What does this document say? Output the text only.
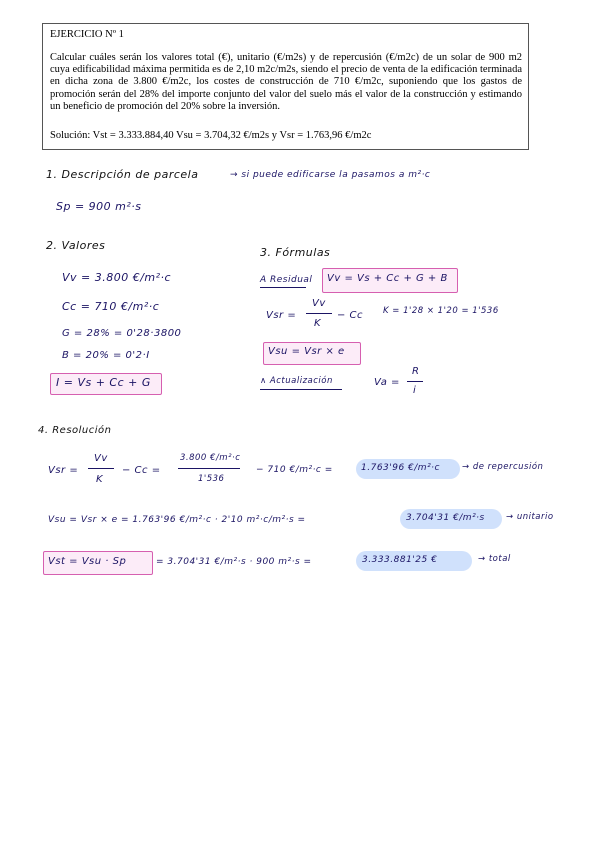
EJERCICIO Nº 1
Calcular cuáles serán los valores total (€), unitario (€/m2s) y de repercusión (€/m2c) de un solar de 900 m2 cuya edificabilidad máxima permitida es de 2,10 m2c/m2s, siendo el precio de venta de la edificación terminada en dicha zona de 3.800 €/m2c, los costes de construcción de 710 €/m2c, suponiendo que los gastos de promoción serán del 28% del importe conjunto del valor del suelo más el valor de la construcción y estimando un beneficio de promoción del 20% sobre la inversión.
Solución: Vst = 3.333.884,40 Vsu = 3.704,32 €/m2s y Vsr = 1.763,96 €/m2c
1. Descripción de parcela	→ si puede edificarse la pasamos a m²·c
Sp = 900 m²·s
2. Valores
Vv = 3.800 €/m²·c
Cc = 710 €/m²·c
G = 28% = 0'28·3800
B = 20% = 0'2·I
I = Vs + Cc + G
3. Fórmulas
A Residual Vv = Vs + Cc + G + B
Vsr =
Vv
K
− Cc K = 1'28 × 1'20 = 1'536
Vsu = Vsr × e
∧ Actualización	Va =
R
i
4. Resolución
Vsr =
Vv
K
− Cc =
3.800 €/m²·c
1'536
− 710 €/m²·c =	1.763'96 €/m²·c	→ de repercusión
Vsu = Vsr × e = 1.763'96 €/m²·c · 2'10 m²·c/m²·s =	3.704'31 €/m²·s	→ unitario
Vst = Vsu · Sp	= 3.704'31 €/m²·s · 900 m²·s =	3.333.881'25 €	→ total
